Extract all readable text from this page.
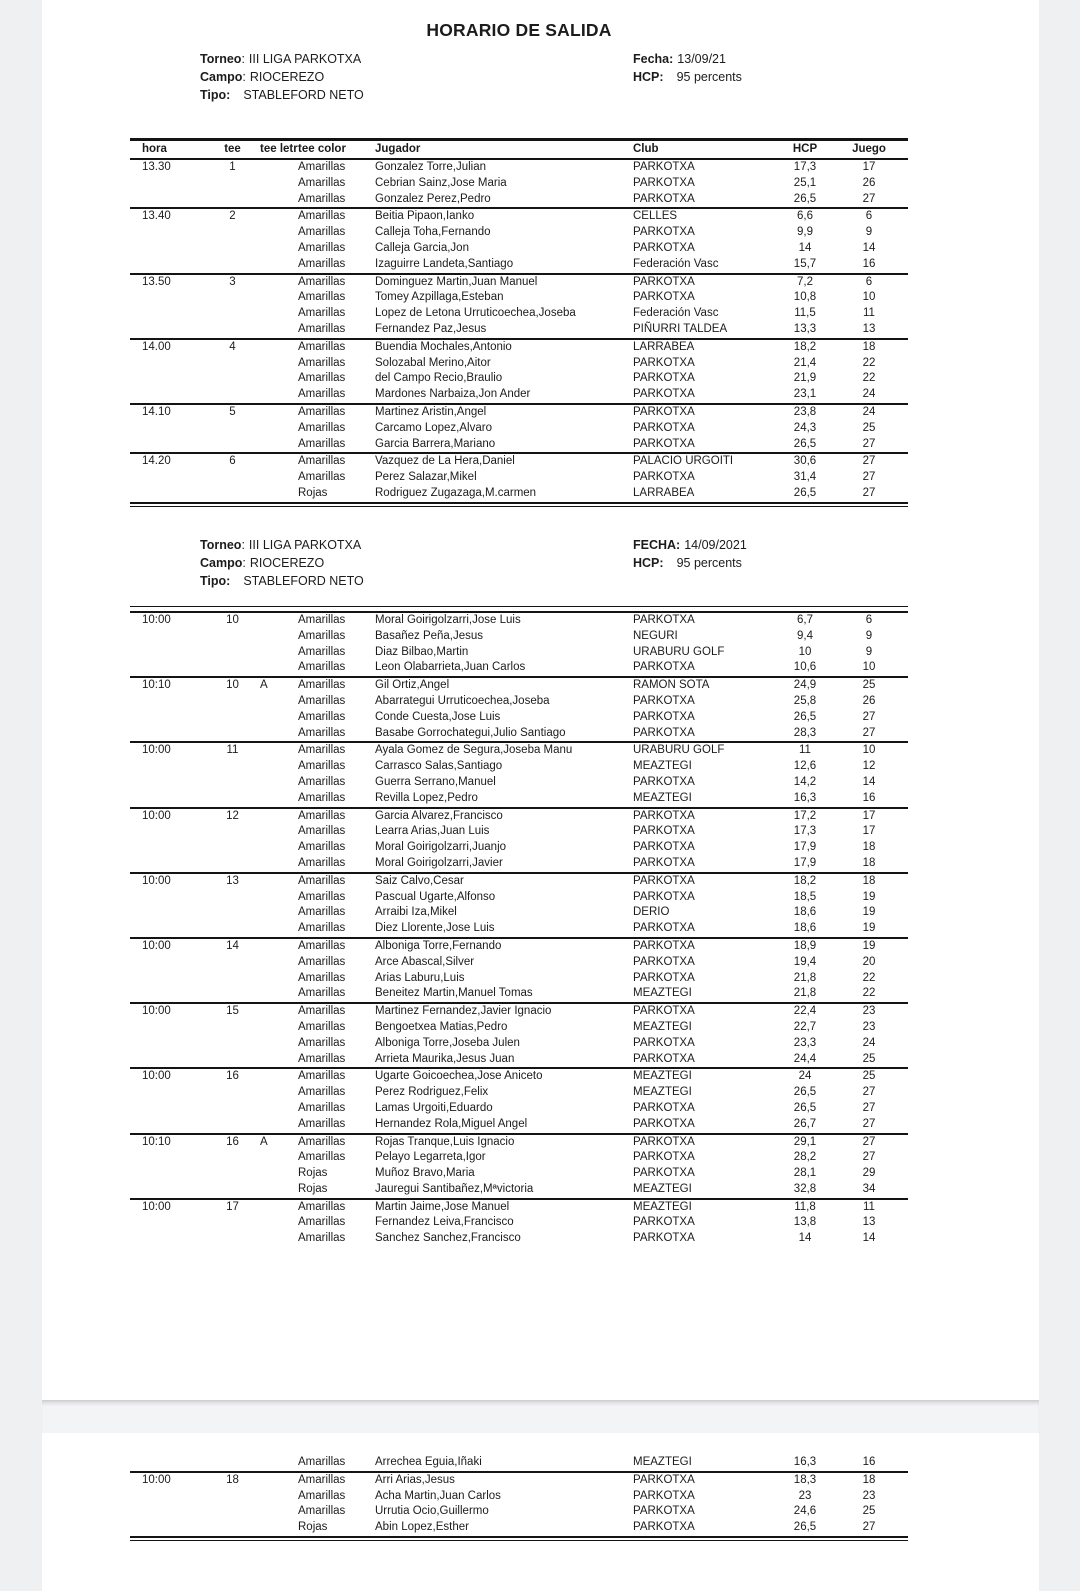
HORARIO DE SALIDA
Torneo: III LIGA PARKOTXA
Campo: RIOCEREZO
Tipo: STABLEFORD NETO
Fecha: 13/09/21
HCP: 95 percents
hora	tee	tee letr tee color	Jugador	Club	HCP	Juego
13.30	1	Amarillas	Gonzalez Torre,Julian	PARKOTXA	17,3	17
Amarillas	Cebrian Sainz,Jose Maria	PARKOTXA	25,1	26
Amarillas	Gonzalez Perez,Pedro	PARKOTXA	26,5	27
13.40	2	Amarillas	Beitia Pipaon,Ianko	CELLES	6,6	6
Amarillas	Calleja Toha,Fernando	PARKOTXA	9,9	9
Amarillas	Calleja Garcia,Jon	PARKOTXA	14	14
Amarillas	Izaguirre Landeta,Santiago	Federación Vasc	15,7	16
13.50	3	Amarillas	Dominguez Martin,Juan Manuel	PARKOTXA	7,2	6
Amarillas	Tomey Azpillaga,Esteban	PARKOTXA	10,8	10
Amarillas	Lopez de Letona Urruticoechea,Joseba	Federación Vasc	11,5	11
Amarillas	Fernandez Paz,Jesus	PIÑURRI TALDEA	13,3	13
14.00	4	Amarillas	Buendia Mochales,Antonio	LARRABEA	18,2	18
Amarillas	Solozabal Merino,Aitor	PARKOTXA	21,4	22
Amarillas	del Campo Recio,Braulio	PARKOTXA	21,9	22
Amarillas	Mardones Narbaiza,Jon Ander	PARKOTXA	23,1	24
14.10	5	Amarillas	Martinez Aristin,Angel	PARKOTXA	23,8	24
Amarillas	Carcamo Lopez,Alvaro	PARKOTXA	24,3	25
Amarillas	Garcia Barrera,Mariano	PARKOTXA	26,5	27
14.20	6	Amarillas	Vazquez de La Hera,Daniel	PALACIO URGOITI	30,6	27
Amarillas	Perez Salazar,Mikel	PARKOTXA	31,4	27
Rojas	Rodriguez Zugazaga,M.carmen	LARRABEA	26,5	27
Torneo: III LIGA PARKOTXA
Campo: RIOCEREZO
Tipo: STABLEFORD NETO
FECHA: 14/09/2021
HCP: 95 percents
10:00	10	Amarillas	Moral Goirigolzarri,Jose Luis	PARKOTXA	6,7	6
Amarillas	Basañez Peña,Jesus	NEGURI	9,4	9
Amarillas	Diaz Bilbao,Martin	URABURU GOLF	10	9
Amarillas	Leon Olabarrieta,Juan Carlos	PARKOTXA	10,6	10
10:10	10	A	Amarillas	Gil Ortiz,Angel	RAMON SOTA	24,9	25
Amarillas	Abarrategui Urruticoechea,Joseba	PARKOTXA	25,8	26
Amarillas	Conde Cuesta,Jose Luis	PARKOTXA	26,5	27
Amarillas	Basabe Gorrochategui,Julio Santiago	PARKOTXA	28,3	27
10:00	11	Amarillas	Ayala Gomez de Segura,Joseba Manu	URABURU GOLF	11	10
Amarillas	Carrasco Salas,Santiago	MEAZTEGI	12,6	12
Amarillas	Guerra Serrano,Manuel	PARKOTXA	14,2	14
Amarillas	Revilla Lopez,Pedro	MEAZTEGI	16,3	16
10:00	12	Amarillas	Garcia Alvarez,Francisco	PARKOTXA	17,2	17
Amarillas	Learra Arias,Juan Luis	PARKOTXA	17,3	17
Amarillas	Moral Goirigolzarri,Juanjo	PARKOTXA	17,9	18
Amarillas	Moral Goirigolzarri,Javier	PARKOTXA	17,9	18
10:00	13	Amarillas	Saiz Calvo,Cesar	PARKOTXA	18,2	18
Amarillas	Pascual Ugarte,Alfonso	PARKOTXA	18,5	19
Amarillas	Arraibi Iza,Mikel	DERIO	18,6	19
Amarillas	Diez Llorente,Jose Luis	PARKOTXA	18,6	19
10:00	14	Amarillas	Alboniga Torre,Fernando	PARKOTXA	18,9	19
Amarillas	Arce Abascal,Silver	PARKOTXA	19,4	20
Amarillas	Arias Laburu,Luis	PARKOTXA	21,8	22
Amarillas	Beneitez Martin,Manuel Tomas	MEAZTEGI	21,8	22
10:00	15	Amarillas	Martinez Fernandez,Javier Ignacio	PARKOTXA	22,4	23
Amarillas	Bengoetxea Matias,Pedro	MEAZTEGI	22,7	23
Amarillas	Alboniga Torre,Joseba Julen	PARKOTXA	23,3	24
Amarillas	Arrieta Maurika,Jesus Juan	PARKOTXA	24,4	25
10:00	16	Amarillas	Ugarte Goicoechea,Jose Aniceto	MEAZTEGI	24	25
Amarillas	Perez Rodriguez,Felix	MEAZTEGI	26,5	27
Amarillas	Lamas Urgoiti,Eduardo	PARKOTXA	26,5	27
Amarillas	Hernandez Rola,Miguel Angel	PARKOTXA	26,7	27
10:10	16	A	Amarillas	Rojas Tranque,Luis Ignacio	PARKOTXA	29,1	27
Amarillas	Pelayo Legarreta,Igor	PARKOTXA	28,2	27
Rojas	Muñoz Bravo,Maria	PARKOTXA	28,1	29
Rojas	Jauregui Santibañez,Mªvictoria	MEAZTEGI	32,8	34
10:00	17	Amarillas	Martin Jaime,Jose Manuel	MEAZTEGI	11,8	11
Amarillas	Fernandez Leiva,Francisco	PARKOTXA	13,8	13
Amarillas	Sanchez Sanchez,Francisco	PARKOTXA	14	14
Amarillas	Arrechea Eguia,Iñaki	MEAZTEGI	16,3	16
10:00	18	Amarillas	Arri Arias,Jesus	PARKOTXA	18,3	18
Amarillas	Acha Martin,Juan Carlos	PARKOTXA	23	23
Amarillas	Urrutia Ocio,Guillermo	PARKOTXA	24,6	25
Rojas	Abin Lopez,Esther	PARKOTXA	26,5	27
